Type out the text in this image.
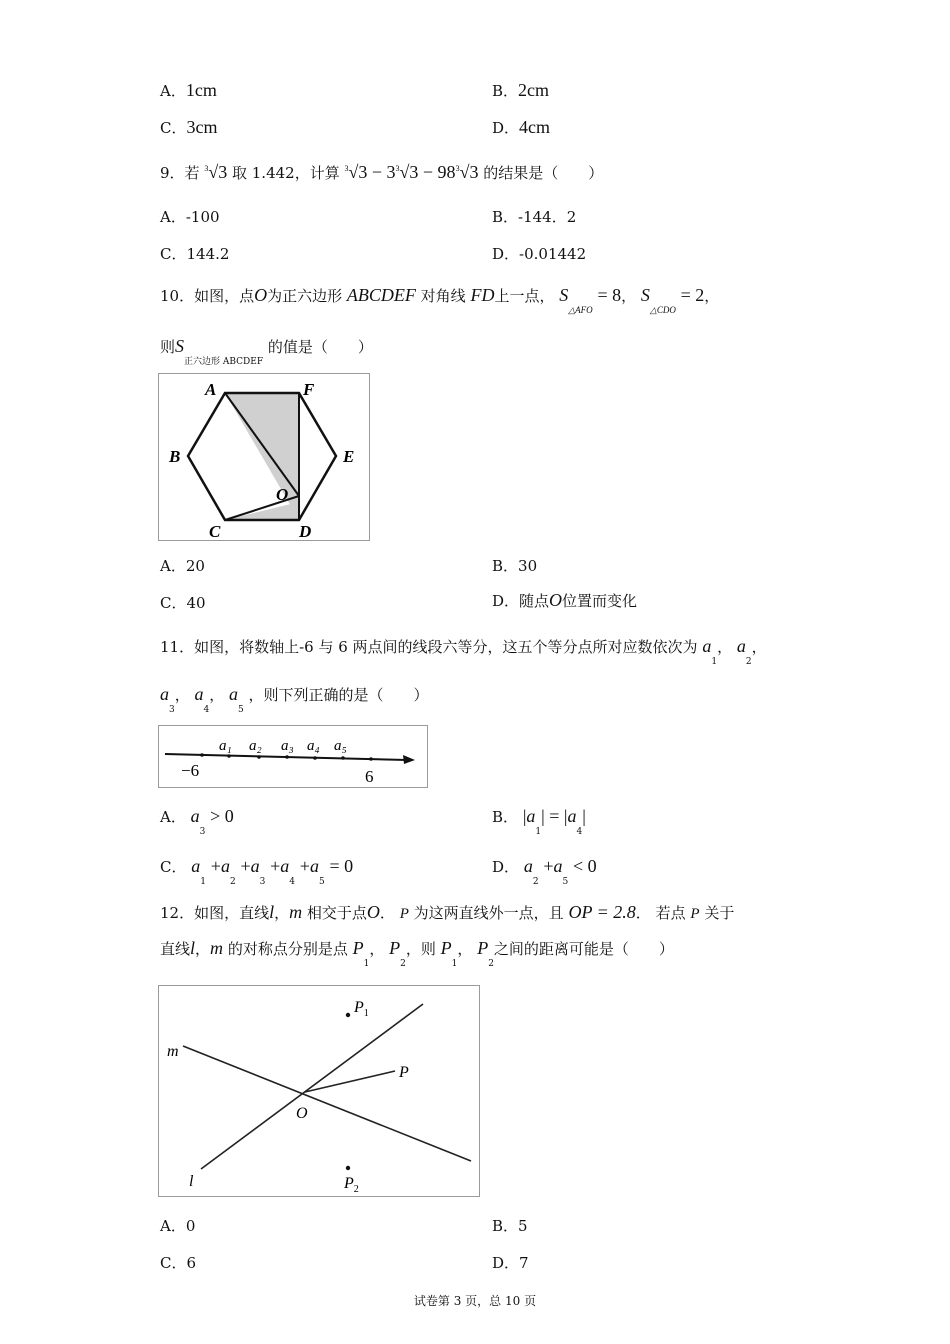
A．1cm	B．2cm
C．3cm	D．4cm
9．若 $^3$√3 取 1.442，计算 $^3√3 - 3^3√3 - 98^3√3$ 的结果是（　　）
A．-100	B．-144．2
C．144.2	D．-0.01442
10．如图，点O为正六边形 ABCDEF 对角线 FD上一点， $S_{\triangle AFO} = 8$， $S_{\triangle CDO} = 2$，
则$S_{正六边形 ABCDEF}$ 的值是（　　）
A	F
B	E
C	D
O
A．20	B．30
C．40	D．随点O位置而变化
11．如图，将数轴上-6 与 6 两点间的线段六等分，这五个等分点所对应数依次为 $a_1$， $a_2$，
$a_3$， $a_4$， $a_5$ ，则下列正确的是（　　）
−6	6
a₁ a₂ a₃ a₄ a₅
A． $a_3 > 0$	B． $|a_1| = |a_4|$
C． $a_1 +a_2 +a_3 +a_4 +a_5 = 0$	D． $a_2 +a_5 < 0$
12．如图，直线l，m 相交于点O． P 为这两直线外一点，且 OP = 2.8． 若点 P 关于
直线l，m 的对称点分别是点 $P_1$， $P_2$，则 $P_1$， $P_2$之间的距离可能是（　　）
m
l
O
P
$P_1$
$P_2$
A．0	B．5
C．6	D．7
试卷第 3 页，总 10 页
